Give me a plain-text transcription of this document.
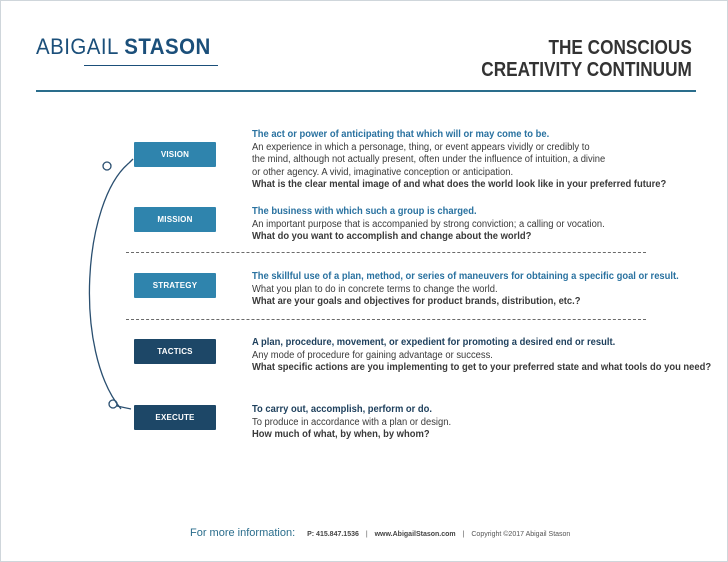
ABIGAIL STASON	THE CONSCIOUS
CREATIVITY CONTINUUM
VISION
MISSION
STRATEGY
TACTICS
EXECUTE
The act or power of anticipating that which will or may come to be.
An experience in which a personage, thing, or event appears vividly or credibly to
the mind, although not actually present, often under the influence of intuition, a divine
or other agency. A vivid, imaginative conception or anticipation.
What is the clear mental image of and what does the world look like in your preferred future?
The business with which such a group is charged.
An important purpose that is accompanied by strong conviction; a calling or vocation.
What do you want to accomplish and change about the world?
The skillful use of a plan, method, or series of maneuvers for obtaining a specific goal or result.
What you plan to do in concrete terms to change the world.
What are your goals and objectives for product brands, distribution, etc.?
A plan, procedure, movement, or expedient for promoting a desired end or result.
Any mode of procedure for gaining advantage or success.
What specific actions are you implementing to get to your preferred state and what tools do you need?
To carry out, accomplish, perform or do.
To produce in accordance with a plan or design.
How much of what, by when, by whom?
For more information: P: 415.847.1536 | www.AbigailStason.com | Copyright ©2017 Abigail Stason
